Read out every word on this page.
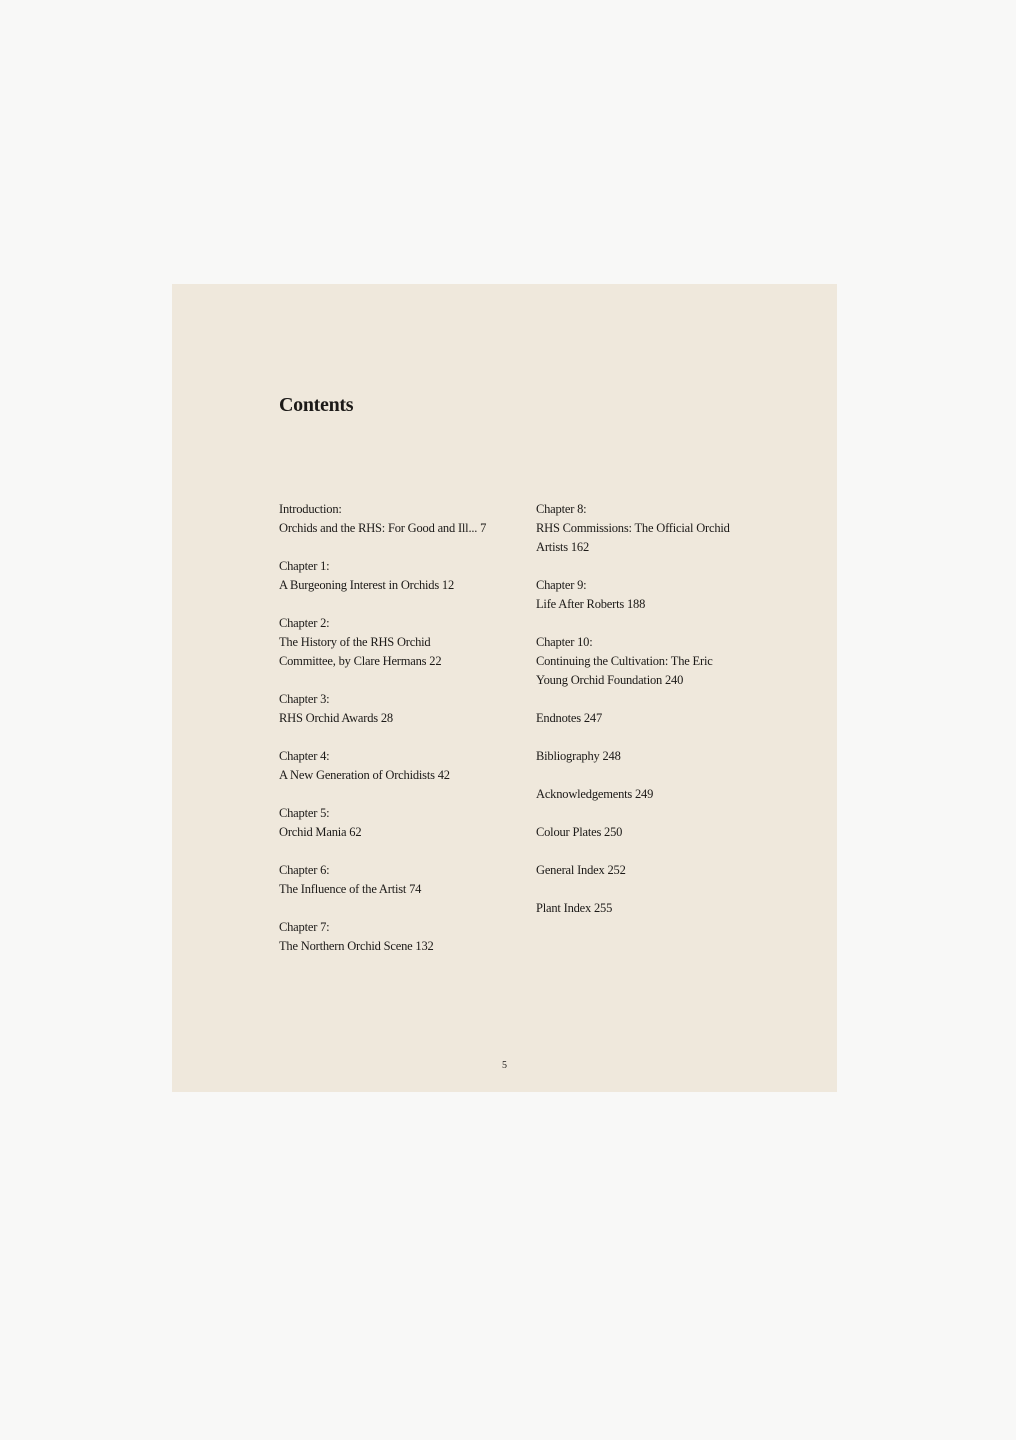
Contents
Introduction:
Orchids and the RHS: For Good and Ill... 7
Chapter 1:
A Burgeoning Interest in Orchids 12
Chapter 2:
The History of the RHS Orchid
Committee, by Clare Hermans 22
Chapter 3:
RHS Orchid Awards 28
Chapter 4:
A New Generation of Orchidists 42
Chapter 5:
Orchid Mania 62
Chapter 6:
The Influence of the Artist 74
Chapter 7:
The Northern Orchid Scene 132
Chapter 8:
RHS Commissions: The Official Orchid
Artists 162
Chapter 9:
Life After Roberts 188
Chapter 10:
Continuing the Cultivation: The Eric
Young Orchid Foundation 240
Endnotes 247
Bibliography 248
Acknowledgements 249
Colour Plates 250
General Index 252
Plant Index 255
5
